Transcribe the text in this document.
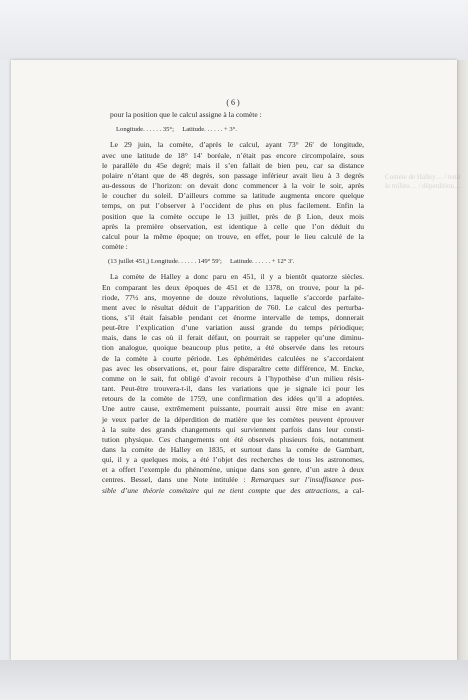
Comète de Halley… / tenir le milieu… / déperdition…
( 6 )
pour la position que le calcul assigne à la comète :
Longitude. . . . . . 35°; Latitude. . . . . . + 3°.
Le 29 juin, la comète, d’après le calcul, ayant 73° 26′ de longitude,
avec une latitude de 18° 14′ boréale, n’était pas encore circompolaire, sous
le parallèle du 45e degré; mais il s’en fallait de bien peu, car sa distance
polaire n’étant que de 48 degrés, son passage inférieur avait lieu à 3 degrés
au-dessous de l’horizon: on devait donc commencer à la voir le soir, après
le coucher du soleil. D’ailleurs comme sa latitude augmenta encore quelque
temps, on put l’observer à l’occident de plus en plus facilement. Enfin la
position que la comète occupe le 13 juillet, près de β Lion, deux mois
après la première observation, est identique à celle que l’on déduit du
calcul pour la même époque; on trouve, en effet, pour le lieu calculé de la
comète :
(13 juillet 451,) Longitude. . . . . . 149° 59′; Latitude. . . . . . + 12° 3′.
La comète de Halley a donc paru en 451, il y a bientôt quatorze siècles.
En comparant les deux époques de 451 et de 1378, on trouve, pour la pé-
riode, 77½ ans, moyenne de douze révolutions, laquelle s’accorde parfaite-
ment avec le résultat déduit de l’apparition de 760. Le calcul des perturba-
tions, s’il était faisable pendant cet énorme intervalle de temps, donnerait
peut-être l’explication d’une variation aussi grande du temps périodique;
mais, dans le cas où il ferait défaut, on pourrait se rappeler qu’une diminu-
tion analogue, quoique beaucoup plus petite, a été observée dans les retours
de la comète à courte période. Les éphémérides calculées ne s’accordaient
pas avec les observations, et, pour faire disparaître cette différence, M. Encke,
comme on le sait, fut obligé d’avoir recours à l’hypothèse d’un milieu résis-
tant. Peut-être trouvera-t-il, dans les variations que je signale ici pour les
retours de la comète de 1759, une confirmation des idées qu’il a adoptées.
Une autre cause, extrêmement puissante, pourrait aussi être mise en avant:
je veux parler de la déperdition de matière que les comètes peuvent éprouver
à la suite des grands changements qui surviennent parfois dans leur consti-
tution physique. Ces changements ont été observés plusieurs fois, notamment
dans la comète de Halley en 1835, et surtout dans la comète de Gambart,
qui, il y a quelques mois, a été l’objet des recherches de tous les astronomes,
et a offert l’exemple du phénomène, unique dans son genre, d’un astre à deux
centres. Bessel, dans une Note intitulée : Remarques sur l’insuffisance pos-
sible d’une théorie cométaire qui ne tient compte que des attractions, a cal-
